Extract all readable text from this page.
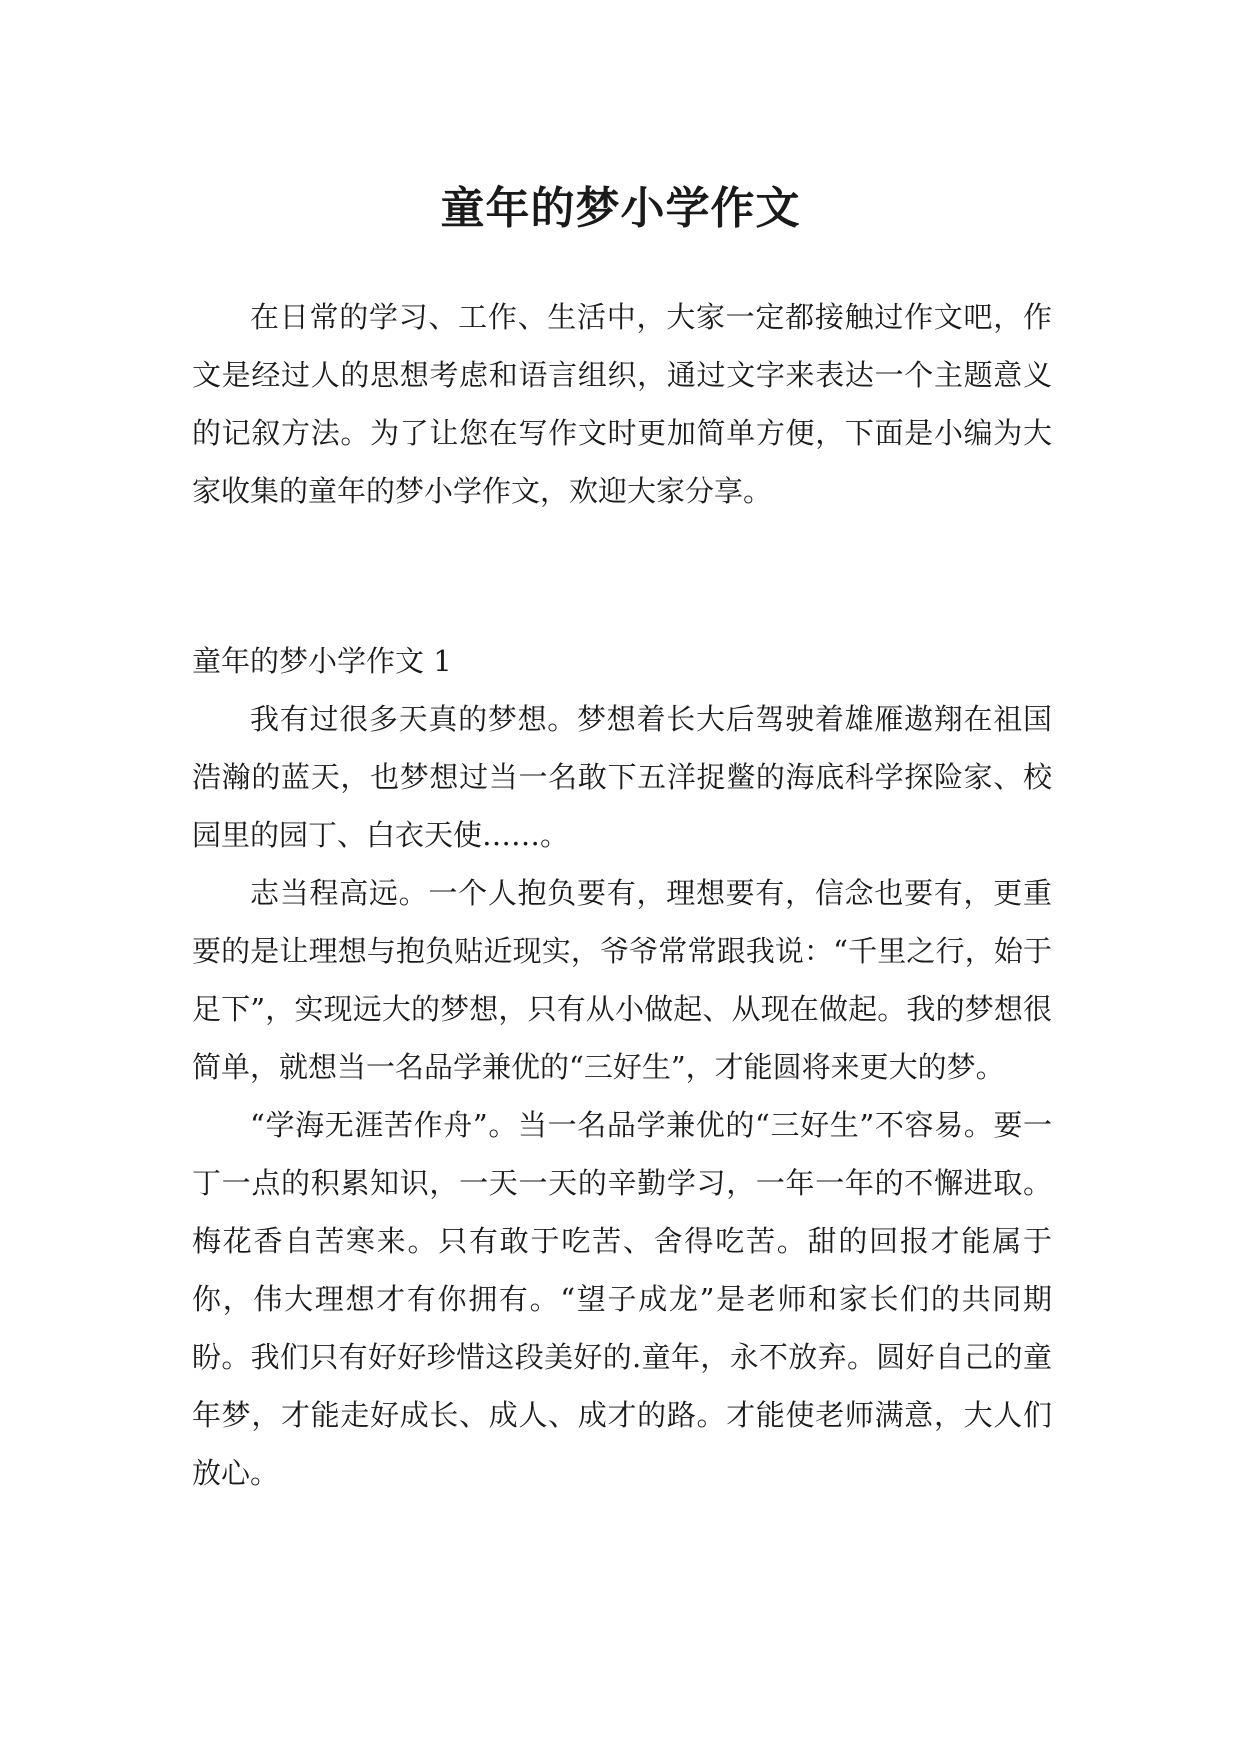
童年的梦小学作文

在日常的学习、工作、生活中，大家一定都接触过作文吧，作文是经过人的思想考虑和语言组织，通过文字来表达一个主题意义的记叙方法。为了让您在写作文时更加简单方便，下面是小编为大家收集的童年的梦小学作文，欢迎大家分享。

童年的梦小学作文 1

我有过很多天真的梦想。梦想着长大后驾驶着雄雁遨翔在祖国浩瀚的蓝天，也梦想过当一名敢下五洋捉鳖的海底科学探险家、校园里的园丁、白衣天使……。

志当程高远。一个人抱负要有，理想要有，信念也要有，更重要的是让理想与抱负贴近现实，爷爷常常跟我说：“千里之行，始于足下”，实现远大的梦想，只有从小做起、从现在做起。我的梦想很简单，就想当一名品学兼优的“三好生”，才能圆将来更大的梦。

“学海无涯苦作舟”。当一名品学兼优的“三好生”不容易。要一丁一点的积累知识，一天一天的辛勤学习，一年一年的不懈进取。梅花香自苦寒来。只有敢于吃苦、舍得吃苦。甜的回报才能属于你，伟大理想才有你拥有。“望子成龙”是老师和家长们的共同期盼。我们只有好好珍惜这段美好的.童年，永不放弃。圆好自己的童年梦，才能走好成长、成人、成才的路。才能使老师满意，大人们放心。
